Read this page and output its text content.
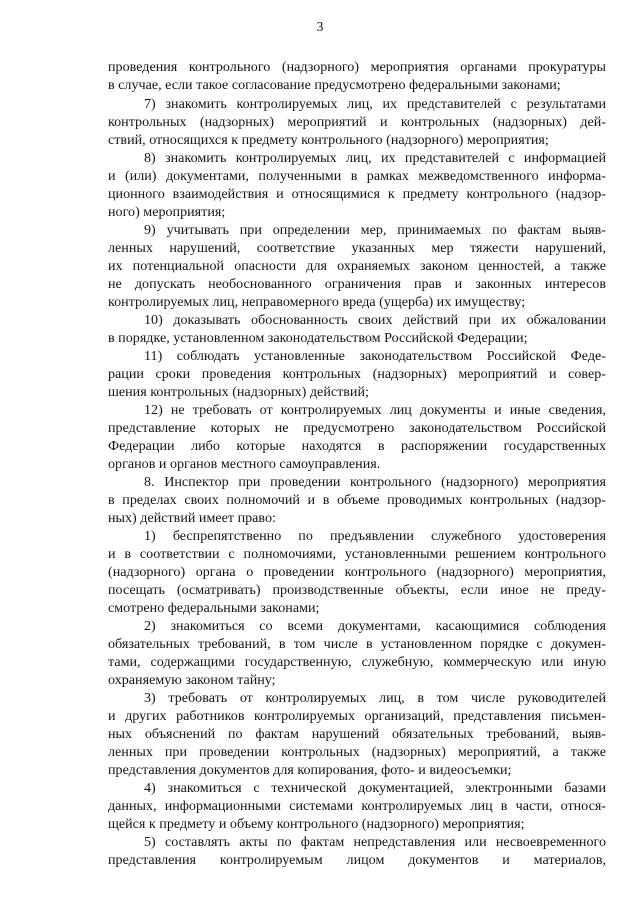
3
проведения контрольного (надзорного) мероприятия органами прокуратуры
в случае, если такое согласование предусмотрено федеральными законами;
7) знакомить контролируемых лиц, их представителей с результатами
контрольных (надзорных) мероприятий и контрольных (надзорных) дей-
ствий, относящихся к предмету контрольного (надзорного) мероприятия;
8) знакомить контролируемых лиц, их представителей с информацией
и (или) документами, полученными в рамках межведомственного информа-
ционного взаимодействия и относящимися к предмету контрольного (надзор-
ного) мероприятия;
9) учитывать при определении мер, принимаемых по фактам выяв-
ленных нарушений, соответствие указанных мер тяжести нарушений,
их потенциальной опасности для охраняемых законом ценностей, а также
не допускать необоснованного ограничения прав и законных интересов
контролируемых лиц, неправомерного вреда (ущерба) их имуществу;
10) доказывать обоснованность своих действий при их обжаловании
в порядке, установленном законодательством Российской Федерации;
11) соблюдать установленные законодательством Российской Феде-
рации сроки проведения контрольных (надзорных) мероприятий и совер-
шения контрольных (надзорных) действий;
12) не требовать от контролируемых лиц документы и иные сведения,
представление которых не предусмотрено законодательством Российской
Федерации либо которые находятся в распоряжении государственных
органов и органов местного самоуправления.
8. Инспектор при проведении контрольного (надзорного) мероприятия
в пределах своих полномочий и в объеме проводимых контрольных (надзор-
ных) действий имеет право:
1) беспрепятственно по предъявлении служебного удостоверения
и в соответствии с полномочиями, установленными решением контрольного
(надзорного) органа о проведении контрольного (надзорного) мероприятия,
посещать (осматривать) производственные объекты, если иное не преду-
смотрено федеральными законами;
2) знакомиться со всеми документами, касающимися соблюдения
обязательных требований, в том числе в установленном порядке с докумен-
тами, содержащими государственную, служебную, коммерческую или иную
охраняемую законом тайну;
3) требовать от контролируемых лиц, в том числе руководителей
и других работников контролируемых организаций, представления письмен-
ных объяснений по фактам нарушений обязательных требований, выяв-
ленных при проведении контрольных (надзорных) мероприятий, а также
представления документов для копирования, фото- и видеосъемки;
4) знакомиться с технической документацией, электронными базами
данных, информационными системами контролируемых лиц в части, относя-
щейся к предмету и объему контрольного (надзорного) мероприятия;
5) составлять акты по фактам непредставления или несвоевременного
представления контролируемым лицом документов и материалов,
